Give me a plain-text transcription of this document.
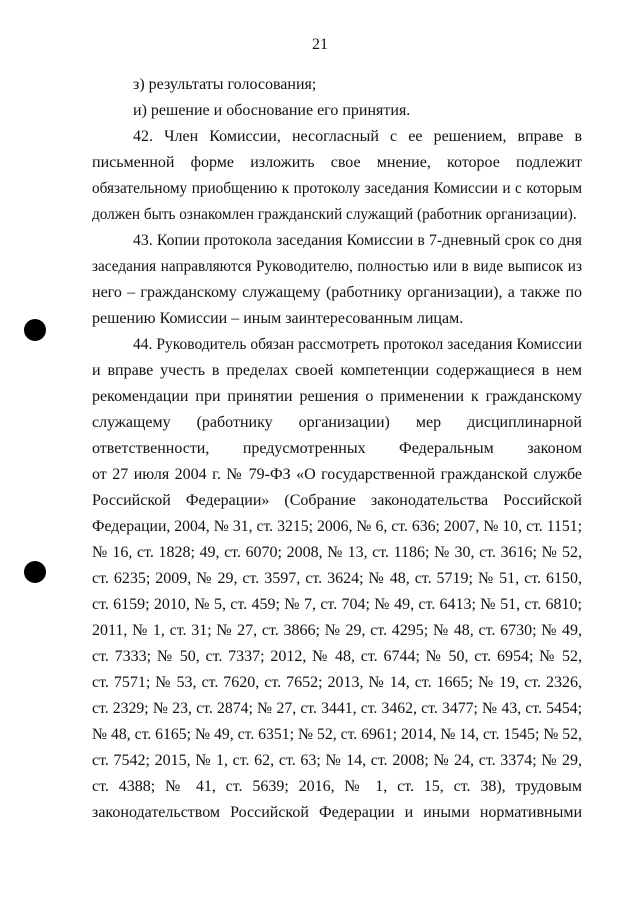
21
з) результаты голосования;
и) решение и обоснование его принятия.
42. Член Комиссии, несогласный с ее решением, вправе в
письменной форме изложить свое мнение, которое подлежит
обязательному приобщению к протоколу заседания Комиссии и с которым
должен быть ознакомлен гражданский служащий (работник организации).
43. Копии протокола заседания Комиссии в 7-дневный срок со дня
заседания направляются Руководителю, полностью или в виде выписок из
него – гражданскому служащему (работнику организации), а также по
решению Комиссии – иным заинтересованным лицам.
44. Руководитель обязан рассмотреть протокол заседания Комиссии
и вправе учесть в пределах своей компетенции содержащиеся в нем
рекомендации при принятии решения о применении к гражданскому
служащему (работнику организации) мер дисциплинарной
ответственности, предусмотренных Федеральным законом
от 27 июля 2004 г. № 79-ФЗ «О государственной гражданской службе
Российской Федерации» (Собрание законодательства Российской
Федерации, 2004, № 31, ст. 3215; 2006, № 6, ст. 636; 2007, № 10, ст. 1151;
№ 16, ст. 1828; 49, ст. 6070; 2008, № 13, ст. 1186; № 30, ст. 3616; № 52,
ст. 6235; 2009, № 29, ст. 3597, ст. 3624; № 48, ст. 5719; № 51, ст. 6150,
ст. 6159; 2010, № 5, ст. 459; № 7, ст. 704; № 49, ст. 6413; № 51, ст. 6810;
2011, № 1, ст. 31; № 27, ст. 3866; № 29, ст. 4295; № 48, ст. 6730; № 49,
ст. 7333; № 50, ст. 7337; 2012, № 48, ст. 6744; № 50, ст. 6954; № 52,
ст. 7571; № 53, ст. 7620, ст. 7652; 2013, № 14, ст. 1665; № 19, ст. 2326,
ст. 2329; № 23, ст. 2874; № 27, ст. 3441, ст. 3462, ст. 3477; № 43, ст. 5454;
№ 48, ст. 6165; № 49, ст. 6351; № 52, ст. 6961; 2014, № 14, ст. 1545; № 52,
ст. 7542; 2015, № 1, ст. 62, ст. 63; № 14, ст. 2008; № 24, ст. 3374; № 29,
ст. 4388; № 41, ст. 5639; 2016, № 1, ст. 15, ст. 38), трудовым
законодательством Российской Федерации и иными нормативными
